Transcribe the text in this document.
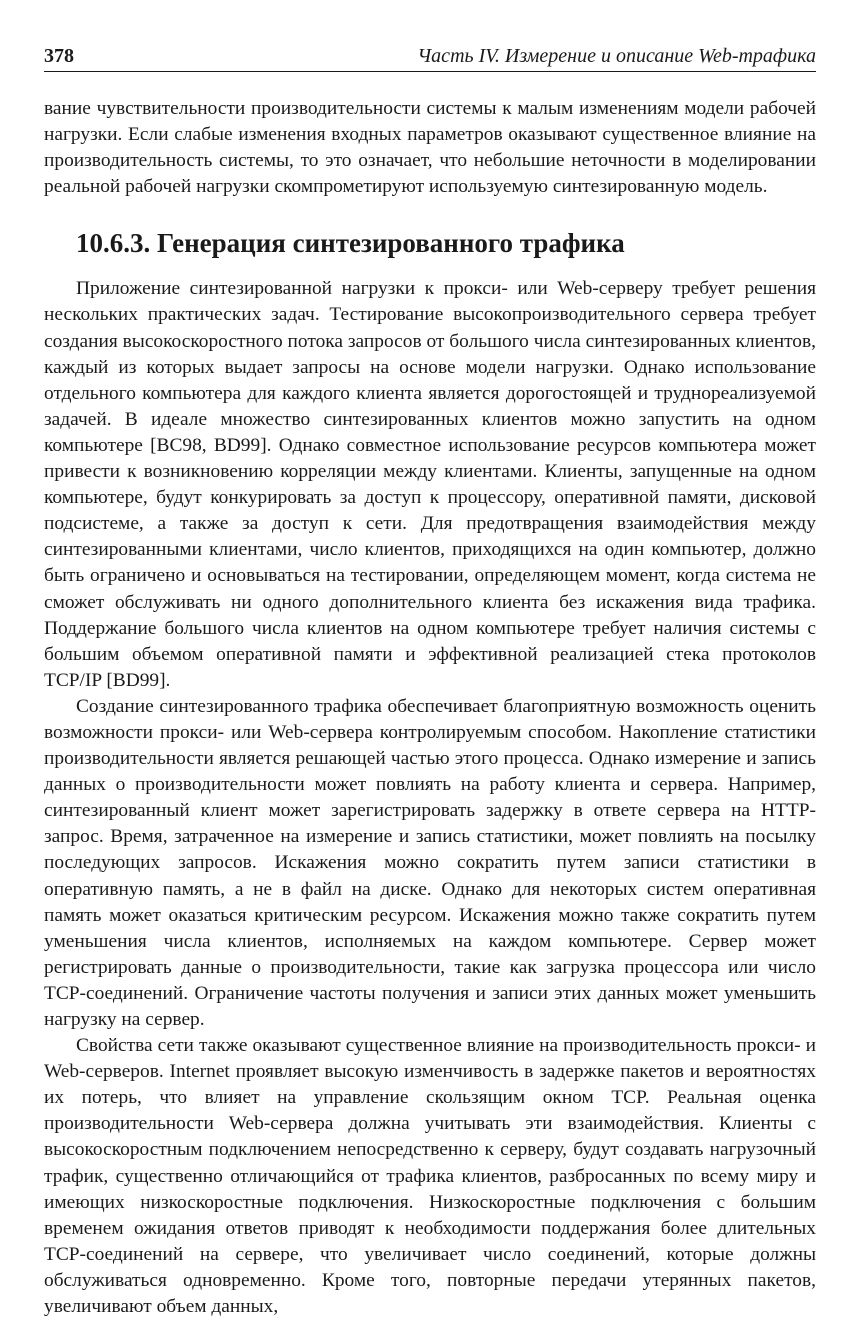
378	Часть IV. Измерение и описание Web-трафика

вание чувствительности производительности системы к малым изменениям модели рабочей нагрузки. Если слабые изменения входных параметров оказывают существенное влияние на производительность системы, то это означает, что небольшие неточности в моделировании реальной рабочей нагрузки скомпрометируют используемую синтезированную модель.

10.6.3. Генерация синтезированного трафика

Приложение синтезированной нагрузки к прокси- или Web-серверу требует решения нескольких практических задач. Тестирование высокопроизводительного сервера требует создания высокоскоростного потока запросов от большого числа синтезированных клиентов, каждый из которых выдает запросы на основе модели нагрузки. Однако использование отдельного компьютера для каждого клиента является дорогостоящей и труднореализуемой задачей. В идеале множество синтезированных клиентов можно запустить на одном компьютере [BC98, BD99]. Однако совместное использование ресурсов компьютера может привести к возникновению корреляции между клиентами. Клиенты, запущенные на одном компьютере, будут конкурировать за доступ к процессору, оперативной памяти, дисковой подсистеме, а также за доступ к сети. Для предотвращения взаимодействия между синтезированными клиентами, число клиентов, приходящихся на один компьютер, должно быть ограничено и основываться на тестировании, определяющем момент, когда система не сможет обслуживать ни одного дополнительного клиента без искажения вида трафика. Поддержание большого числа клиентов на одном компьютере требует наличия системы с большим объемом оперативной памяти и эффективной реализацией стека протоколов TCP/IP [BD99].

Создание синтезированного трафика обеспечивает благоприятную возможность оценить возможности прокси- или Web-сервера контролируемым способом. Накопление статистики производительности является решающей частью этого процесса. Однако измерение и запись данных о производительности может повлиять на работу клиента и сервера. Например, синтезированный клиент может зарегистрировать задержку в ответе сервера на HTTP-запрос. Время, затраченное на измерение и запись статистики, может повлиять на посылку последующих запросов. Искажения можно сократить путем записи статистики в оперативную память, а не в файл на диске. Однако для некоторых систем оперативная память может оказаться критическим ресурсом. Искажения можно также сократить путем уменьшения числа клиентов, исполняемых на каждом компьютере. Сервер может регистрировать данные о производительности, такие как загрузка процессора или число TCP-соединений. Ограничение частоты получения и записи этих данных может уменьшить нагрузку на сервер.

Свойства сети также оказывают существенное влияние на производительность прокси- и Web-серверов. Internet проявляет высокую изменчивость в задержке пакетов и вероятностях их потерь, что влияет на управление скользящим окном TCP. Реальная оценка производительности Web-сервера должна учитывать эти взаимодействия. Клиенты с высокоскоростным подключением непосредственно к серверу, будут создавать нагрузочный трафик, существенно отличающийся от трафика клиентов, разбросанных по всему миру и имеющих низкоскоростные подключения. Низкоскоростные подключения с большим временем ожидания ответов приводят к необходимости поддержания более длительных TCP-соединений на сервере, что увеличивает число соединений, которые должны обслуживаться одновременно. Кроме того, повторные передачи утерянных пакетов, увеличивают объем данных,
